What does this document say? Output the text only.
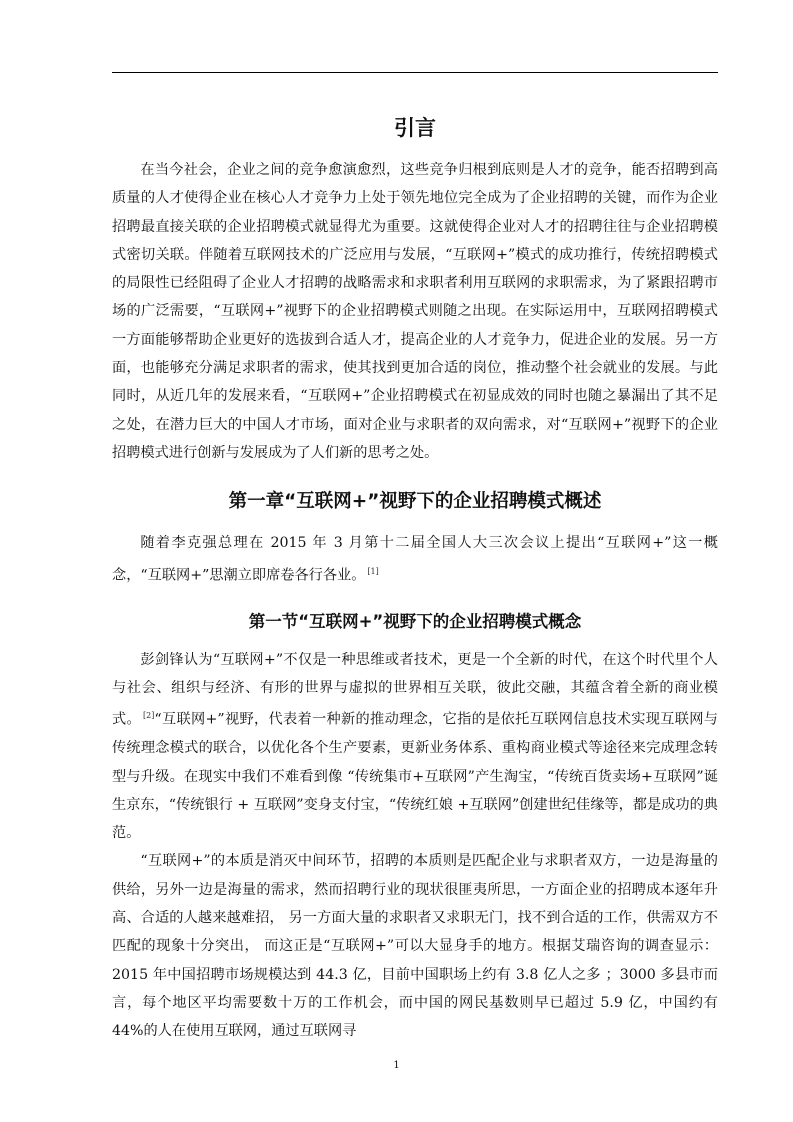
引言

在当今社会，企业之间的竞争愈演愈烈，这些竞争归根到底则是人才的竞争，能否招聘到高质量的人才使得企业在核心人才竞争力上处于领先地位完全成为了企业招聘的关键，而作为企业招聘最直接关联的企业招聘模式就显得尤为重要。这就使得企业对人才的招聘往往与企业招聘模式密切关联。伴随着互联网技术的广泛应用与发展，“互联网+”模式的成功推行，传统招聘模式的局限性已经阻碍了企业人才招聘的战略需求和求职者利用互联网的求职需求，为了紧跟招聘市场的广泛需要，“互联网+”视野下的企业招聘模式则随之出现。在实际运用中，互联网招聘模式一方面能够帮助企业更好的选拔到合适人才，提高企业的人才竞争力，促进企业的发展。另一方面，也能够充分满足求职者的需求，使其找到更加合适的岗位，推动整个社会就业的发展。与此同时，从近几年的发展来看，“互联网+”企业招聘模式在初显成效的同时也随之暴漏出了其不足之处，在潜力巨大的中国人才市场，面对企业与求职者的双向需求，对“互联网+”视野下的企业招聘模式进行创新与发展成为了人们新的思考之处。

第一章“互联网+”视野下的企业招聘模式概述

随着李克强总理在 2015 年 3 月第十二届全国人大三次会议上提出“互联网+”这一概念，“互联网+”思潮立即席卷各行各业。 [1]

第一节“互联网+”视野下的企业招聘模式概念

彭剑锋认为“互联网+”不仅是一种思维或者技术，更是一个全新的时代，在这个时代里个人与社会、组织与经济、有形的世界与虚拟的世界相互关联，彼此交融，其蕴含着全新的商业模式。 [2]“互联网+”视野，代表着一种新的推动理念，它指的是依托互联网信息技术实现互联网与传统理念模式的联合，以优化各个生产要素，更新业务体系、重构商业模式等途径来完成理念转型与升级。在现实中我们不难看到像 “传统集市+互联网”产生淘宝，“传统百货卖场+互联网”诞生京东，“传统银行 + 互联网”变身支付宝，“传统红娘 +互联网”创建世纪佳缘等，都是成功的典范。

“互联网+”的本质是消灭中间环节，招聘的本质则是匹配企业与求职者双方，一边是海量的供给，另外一边是海量的需求，然而招聘行业的现状很匪夷所思，一方面企业的招聘成本逐年升高、合适的人越来越难招， 另一方面大量的求职者又求职无门，找不到合适的工作，供需双方不匹配的现象十分突出， 而这正是“互联网+”可以大显身手的地方。根据艾瑞咨询的调查显示：2015 年中国招聘市场规模达到 44.3 亿，目前中国职场上约有 3.8 亿人之多 ；3000 多县市而言，每个地区平均需要数十万的工作机会，而中国的网民基数则早已超过 5.9 亿，中国约有 44%的人在使用互联网，通过互联网寻

1
